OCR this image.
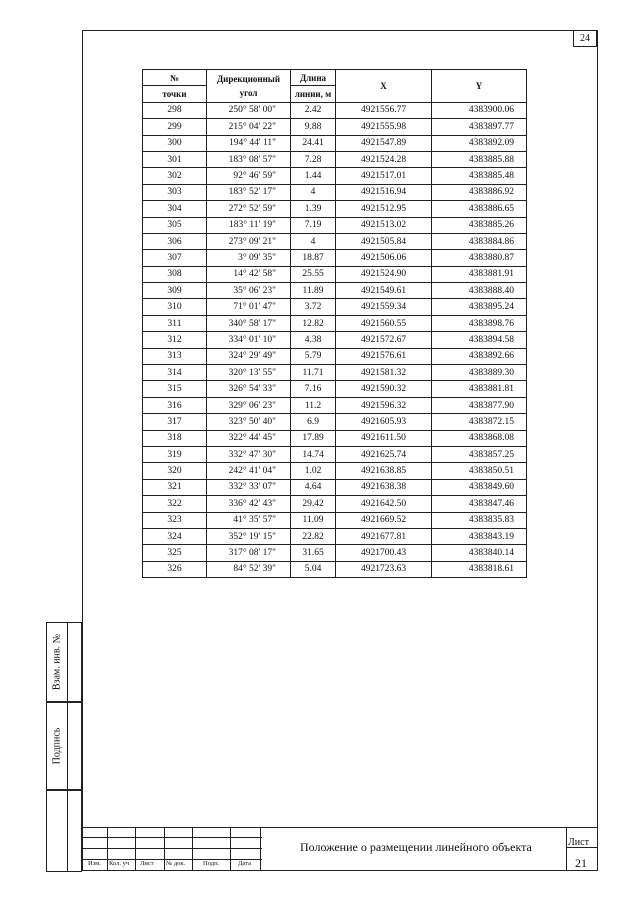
24
Взам. инв. №
Подпись
№	Дирекционный угол	Длина	X	Y
точки		линии, м		
298	250° 58' 00"	2.42	4921556.77	4383900.06
299	215° 04' 22"	9.88	4921555.98	4383897.77
300	194° 44' 11"	24.41	4921547.89	4383892.09
301	183° 08' 57"	7.28	4921524.28	4383885.88
302	92° 46' 59"	1.44	4921517.01	4383885.48
303	183° 52' 17"	4	4921516.94	4383886.92
304	272° 52' 59"	1.39	4921512.95	4383886.65
305	183° 11' 19"	7.19	4921513.02	4383885.26
306	273° 09' 21"	4	4921505.84	4383884.86
307	3° 09' 35"	18.87	4921506.06	4383880.87
308	14° 42' 58"	25.55	4921524.90	4383881.91
309	35° 06' 23"	11.89	4921549.61	4383888.40
310	71° 01' 47"	3.72	4921559.34	4383895.24
311	340° 58' 17"	12.82	4921560.55	4383898.76
312	334° 01' 10"	4.38	4921572.67	4383894.58
313	324° 29' 49"	5.79	4921576.61	4383892.66
314	320° 13' 55"	11.71	4921581.32	4383889.30
315	326° 54' 33"	7.16	4921590.32	4383881.81
316	329° 06' 23"	11.2	4921596.32	4383877.90
317	323° 50' 40"	6.9	4921605.93	4383872.15
318	322° 44' 45"	17.89	4921611.50	4383868.08
319	332° 47' 30"	14.74	4921625.74	4383857.25
320	242° 41' 04"	1.02	4921638.85	4383850.51
321	332° 33' 07"	4.64	4921638.38	4383849.60
322	336° 42' 43"	29.42	4921642.50	4383847.46
323	41° 35' 57"	11.09	4921669.52	4383835.83
324	352° 19' 15"	22.82	4921677.81	4383843.19
325	317° 08' 17"	31.65	4921700.43	4383840.14
326	84° 52' 39"	5.04	4921723.63	4383818.61
Изм. Кол. уч Лист № док.	Подп.	Дата
Положение о размещении линейного объекта	Лист
21
